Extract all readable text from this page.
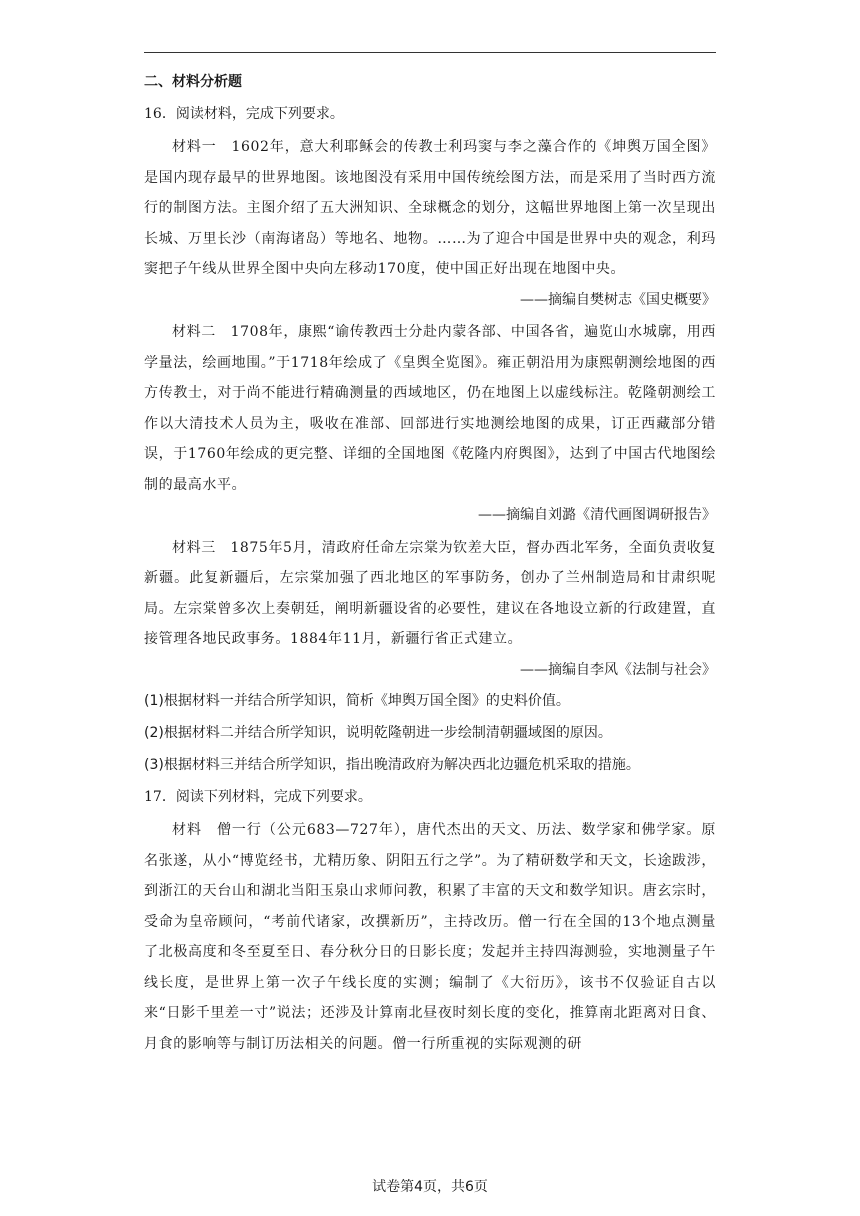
二、材料分析题
16．阅读材料，完成下列要求。

材料一　1602年，意大利耶稣会的传教士利玛窦与李之藻合作的《坤舆万国全图》是国内现存最早的世界地图。该地图没有采用中国传统绘图方法，而是采用了当时西方流行的制图方法。主图介绍了五大洲知识、全球概念的划分，这幅世界地图上第一次呈现出长城、万里长沙（南海诸岛）等地名、地物。……为了迎合中国是世界中央的观念，利玛窦把子午线从世界全图中央向左移动170度，使中国正好出现在地图中央。

——摘编自樊树志《国史概要》

材料二　1708年，康熙“谕传教西士分赴内蒙各部、中国各省，遍览山水城廓，用西学量法，绘画地围。”于1718年绘成了《皇舆全览图》。雍正朝沿用为康熙朝测绘地图的西方传教士，对于尚不能进行精确测量的西域地区，仍在地图上以虚线标注。乾隆朝测绘工作以大清技术人员为主，吸收在准部、回部进行实地测绘地图的成果，订正西藏部分错误，于1760年绘成的更完整、详细的全国地图《乾隆内府舆图》，达到了中国古代地图绘制的最高水平。

——摘编自刘潞《清代画图调研报告》

材料三　1875年5月，清政府任命左宗棠为钦差大臣，督办西北军务，全面负责收复新疆。此复新疆后，左宗棠加强了西北地区的军事防务，创办了兰州制造局和甘肃织呢局。左宗棠曾多次上奏朝廷，阐明新疆设省的必要性，建议在各地设立新的行政建置，直接管理各地民政事务。1884年11月，新疆行省正式建立。

——摘编自李风《法制与社会》

(1)根据材料一并结合所学知识，简析《坤舆万国全图》的史料价值。
(2)根据材料二并结合所学知识，说明乾隆朝进一步绘制清朝疆域图的原因。
(3)根据材料三并结合所学知识，指出晚清政府为解决西北边疆危机采取的措施。
17．阅读下列材料，完成下列要求。

材料　僧一行（公元683—727年），唐代杰出的天文、历法、数学家和佛学家。原名张遂，从小“博览经书，尤精历象、阴阳五行之学”。为了精研数学和天文，长途跋涉，到浙江的天台山和湖北当阳玉泉山求师问教，积累了丰富的天文和数学知识。唐玄宗时，受命为皇帝顾问，“考前代诸家，改撰新历”，主持改历。僧一行在全国的13个地点测量了北极高度和冬至夏至日、春分秋分日的日影长度；发起并主持四海测验，实地测量子午线长度，是世界上第一次子午线长度的实测；编制了《大衍历》，该书不仅验证自古以来“日影千里差一寸”说法；还涉及计算南北昼夜时刻长度的变化，推算南北距离对日食、月食的影响等与制订历法相关的问题。僧一行所重视的实际观测的研

试卷第4页，共6页
